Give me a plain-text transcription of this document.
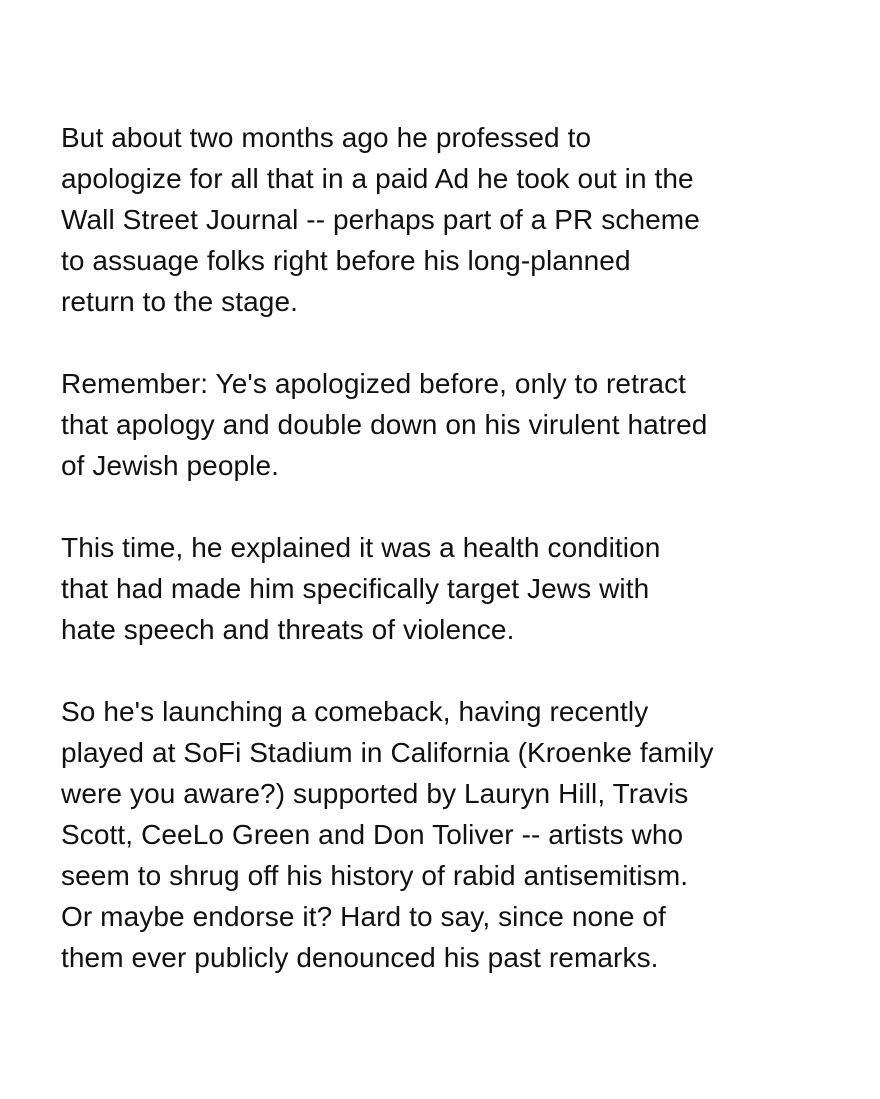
But about two months ago he professed to
apologize for all that in a paid Ad he took out in the
Wall Street Journal -- perhaps part of a PR scheme
to assuage folks right before his long-planned
return to the stage.

Remember: Ye's apologized before, only to retract
that apology and double down on his virulent hatred
of Jewish people.

This time, he explained it was a health condition
that had made him specifically target Jews with
hate speech and threats of violence.

So he's launching a comeback, having recently
played at SoFi Stadium in California (Kroenke family
were you aware?) supported by Lauryn Hill, Travis
Scott, CeeLo Green and Don Toliver -- artists who
seem to shrug off his history of rabid antisemitism.
Or maybe endorse it? Hard to say, since none of
them ever publicly denounced his past remarks.
